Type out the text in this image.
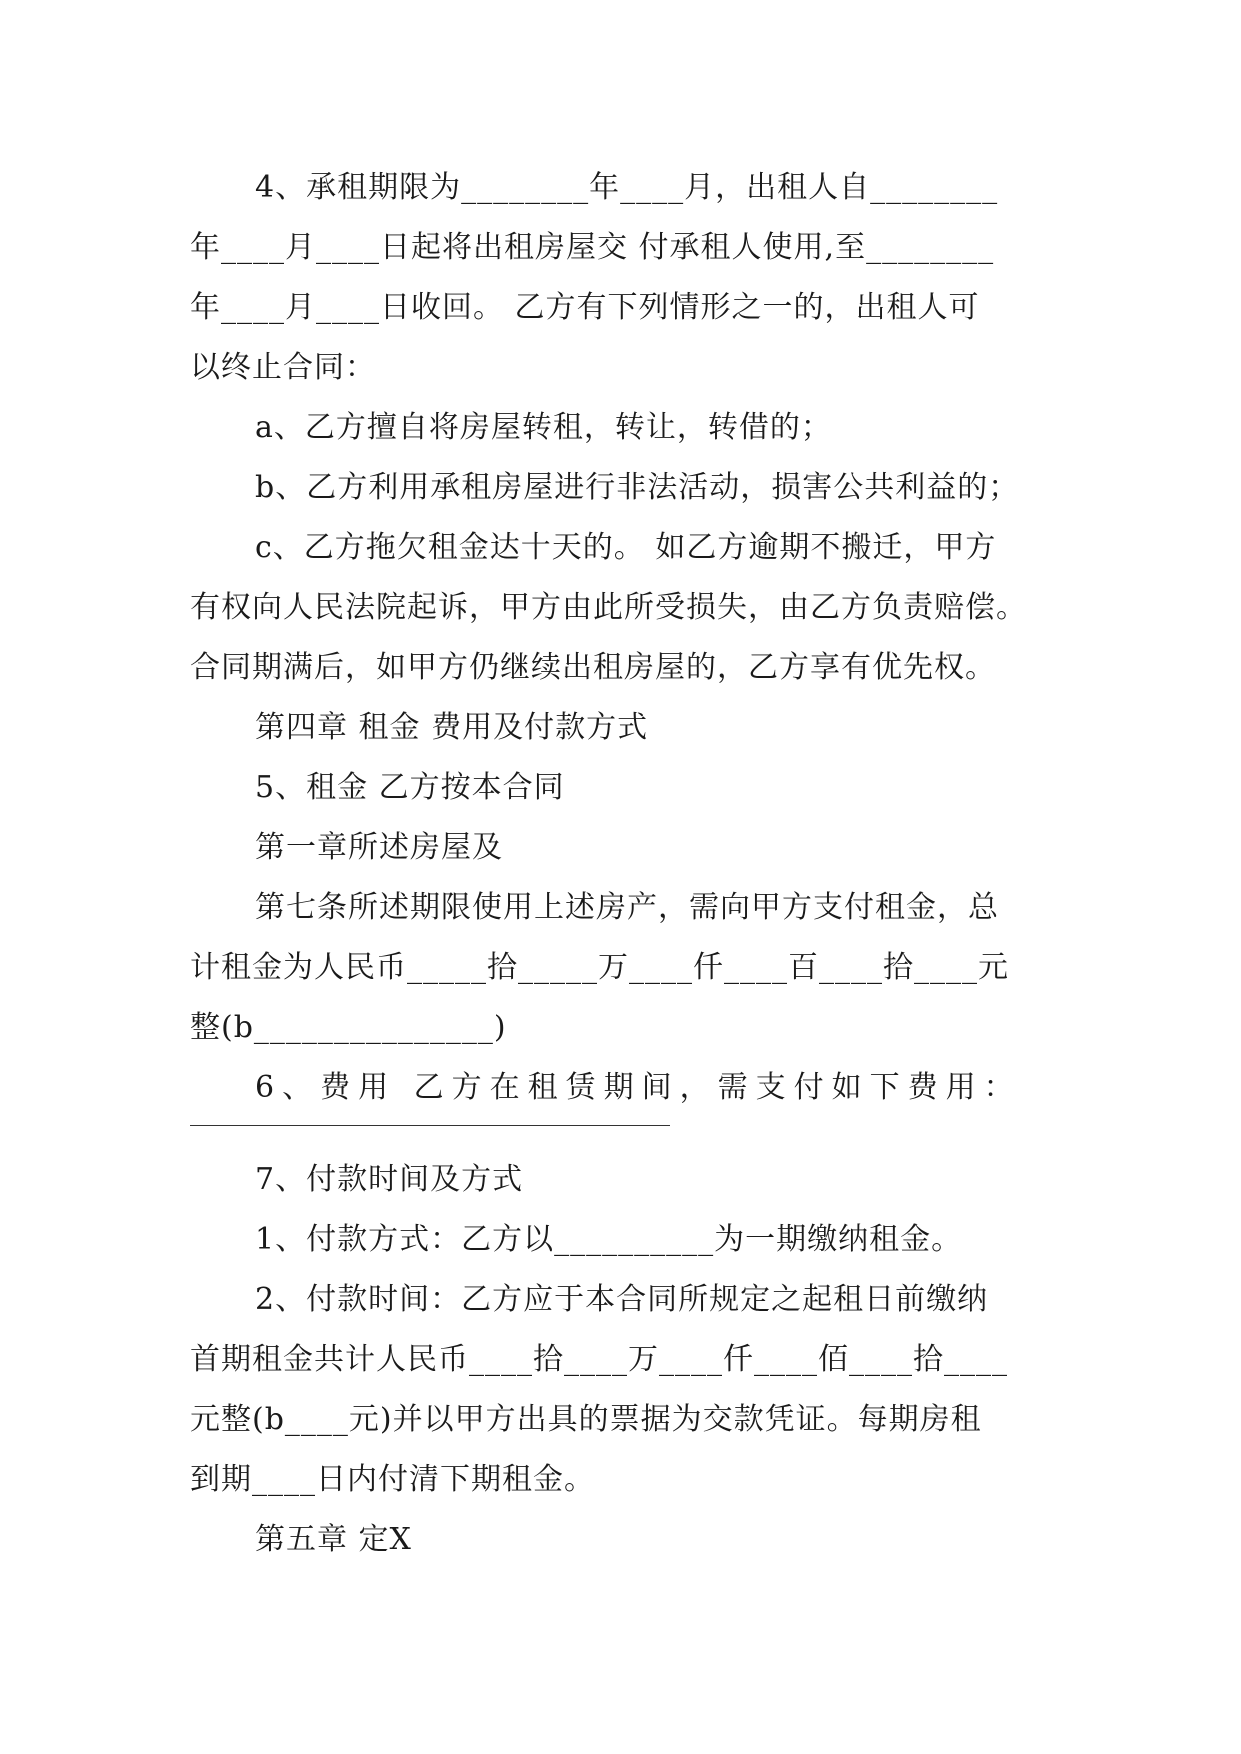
4、承租期限为________年____月，出租人自________
年____月____日起将出租房屋交 付承租人使用,至________
年____月____日收回。 乙方有下列情形之一的，出租人可
以终止合同：
a、乙方擅自将房屋转租，转让，转借的；
b、乙方利用承租房屋进行非法活动，损害公共利益的；
c、乙方拖欠租金达十天的。 如乙方逾期不搬迁，甲方
有权向人民法院起诉，甲方由此所受损失，由乙方负责赔偿。
合同期满后，如甲方仍继续出租房屋的，乙方享有优先权。
第四章 租金 费用及付款方式
5、租金 乙方按本合同
第一章所述房屋及
第七条所述期限使用上述房产，需向甲方支付租金，总
计租金为人民币_____拾_____万____仟____百____拾____元
整(b_______________)
6、费用 乙方在租赁期间，需支付如下费用：
7、付款时间及方式
1、付款方式：乙方以__________为一期缴纳租金。
2、付款时间：乙方应于本合同所规定之起租日前缴纳
首期租金共计人民币____拾____万____仟____佰____拾____
元整(b____元)并以甲方出具的票据为交款凭证。每期房租
到期____日内付清下期租金。
第五章 定X
